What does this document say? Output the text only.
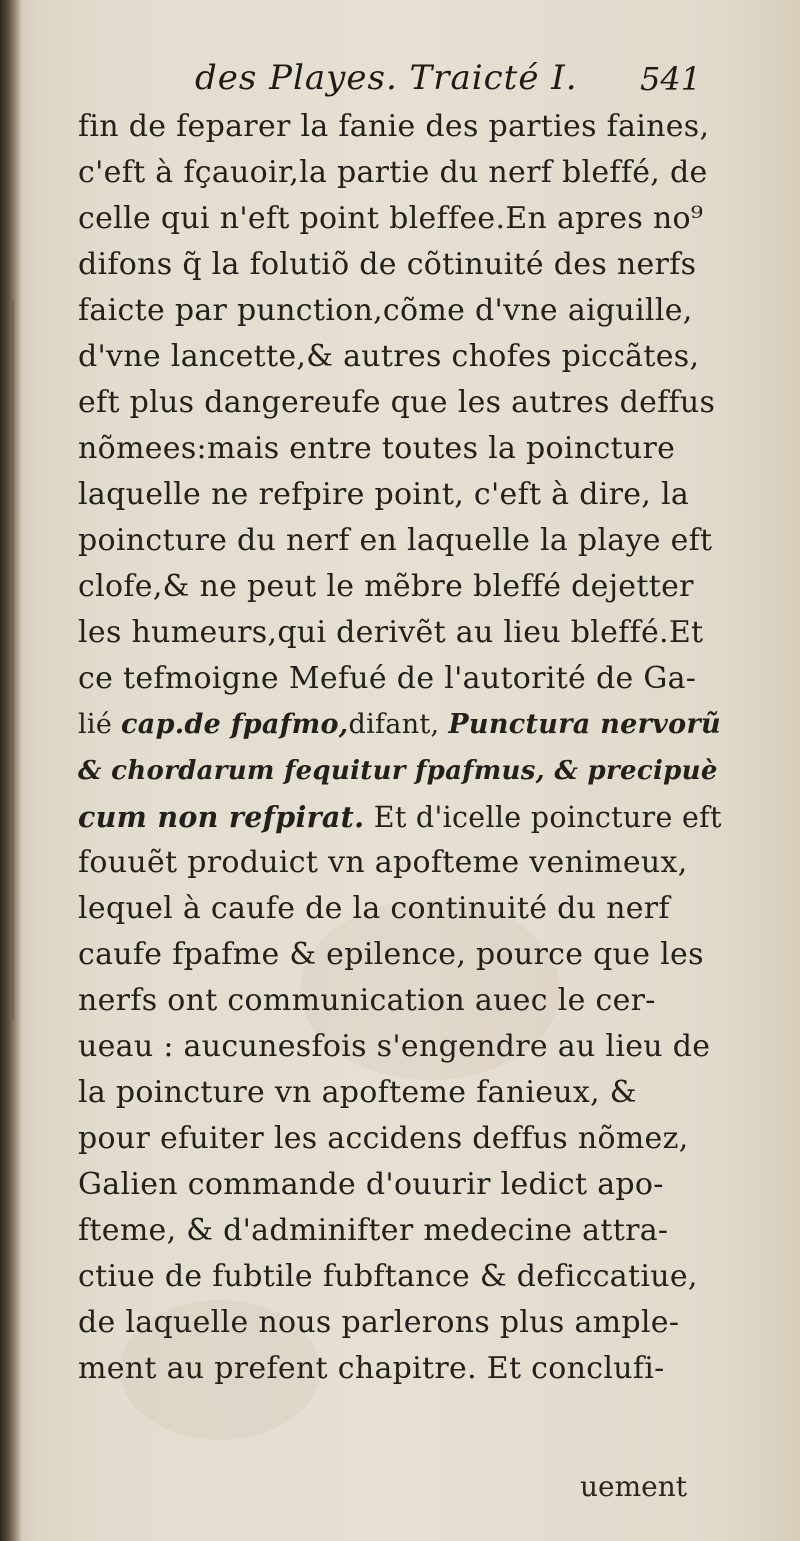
des Playes. Traicté I. 541
fin de feparer la fanie des parties faines,
c'eft à fçauoir,la partie du nerf bleffé, de
celle qui n'eft point bleffee.En apres no⁹
difons q̃ la folutiõ de cõtinuité des nerfs
faicte par punction,cõme d'vne aiguille,
d'vne lancette,& autres chofes piccãtes,
eft plus dangereufe que les autres deffus
nõmees:mais entre toutes la poincture
laquelle ne refpire point, c'eft à dire, la
poincture du nerf en laquelle la playe eft
clofe,& ne peut le mẽbre bleffé dejetter
les humeurs,qui derivẽt au lieu bleffé.Et
ce tefmoigne Mefué de l'autorité de Ga-
lié cap.de fpafmo,difant, Punctura nervorũ
& chordarum fequitur fpafmus, & precipuè
cum non refpirat. Et d'icelle poincture eft
fouuẽt produict vn apofteme venimeux,
lequel à caufe de la continuité du nerf
caufe fpafme & epilence, pource que les
nerfs ont communication auec le cer-
ueau : aucunesfois s'engendre au lieu de
la poincture vn apofteme fanieux, &
pour efuiter les accidens deffus nõmez,
Galien commande d'ouurir ledict apo-
fteme, & d'adminifter medecine attra-
ctiue de fubtile fubftance & deficcatiue,
de laquelle nous parlerons plus ample-
ment au prefent chapitre. Et conclufi-
uement
